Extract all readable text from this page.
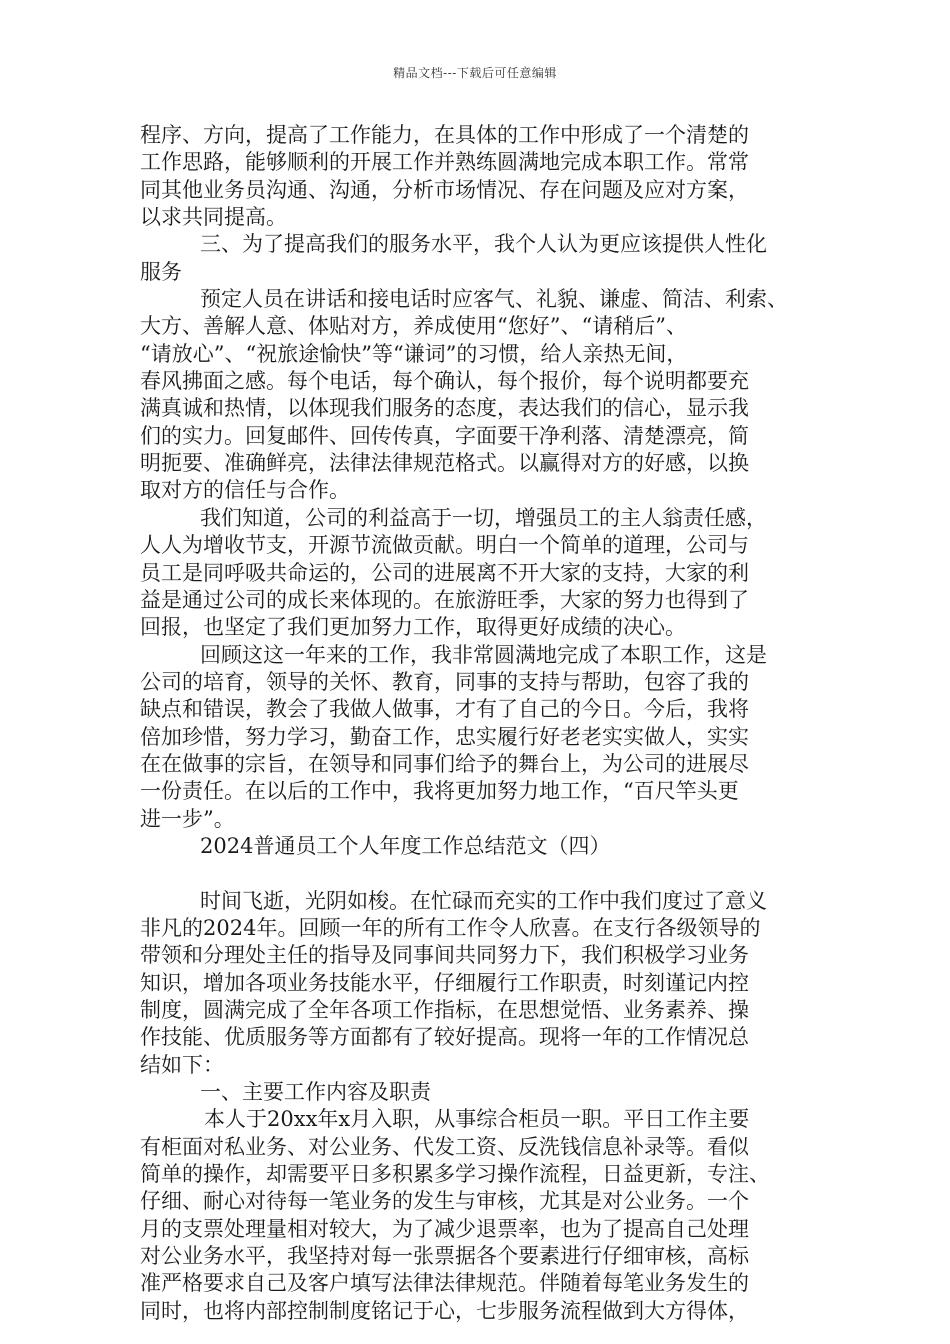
精品文档---下载后可任意编辑
程序、方向，提高了工作能力，在具体的工作中形成了一个清楚的
工作思路，能够顺利的开展工作并熟练圆满地完成本职工作。常常
同其他业务员沟通、沟通，分析市场情况、存在问题及应对方案，
以求共同提高。
三、为了提高我们的服务水平，我个人认为更应该提供人性化
服务
预定人员在讲话和接电话时应客气、礼貌、谦虚、简洁、利索、
大方、善解人意、体贴对方，养成使用“您好”、“请稍后”、
“请放心”、“祝旅途愉快”等“谦词”的习惯，给人亲热无间，
春风拂面之感。每个电话，每个确认，每个报价，每个说明都要充
满真诚和热情，以体现我们服务的态度，表达我们的信心，显示我
们的实力。回复邮件、回传传真，字面要干净利落、清楚漂亮，简
明扼要、准确鲜亮，法律法律规范格式。以赢得对方的好感，以换
取对方的信任与合作。
我们知道，公司的利益高于一切，增强员工的主人翁责任感，
人人为增收节支，开源节流做贡献。明白一个简单的道理，公司与
员工是同呼吸共命运的，公司的进展离不开大家的支持，大家的利
益是通过公司的成长来体现的。在旅游旺季，大家的努力也得到了
回报，也坚定了我们更加努力工作，取得更好成绩的决心。
回顾这这一年来的工作，我非常圆满地完成了本职工作，这是
公司的培育，领导的关怀、教育，同事的支持与帮助，包容了我的
缺点和错误，教会了我做人做事，才有了自己的今日。今后，我将
倍加珍惜，努力学习，勤奋工作，忠实履行好老老实实做人，实实
在在做事的宗旨，在领导和同事们给予的舞台上，为公司的进展尽
一份责任。在以后的工作中，我将更加努力地工作，“百尺竿头更
进一步”。
2024普通员工个人年度工作总结范文（四）
时间飞逝，光阴如梭。在忙碌而充实的工作中我们度过了意义
非凡的2024年。回顾一年的所有工作令人欣喜。在支行各级领导的
带领和分理处主任的指导及同事间共同努力下，我们积极学习业务
知识，增加各项业务技能水平，仔细履行工作职责，时刻谨记内控
制度，圆满完成了全年各项工作指标，在思想觉悟、业务素养、操
作技能、优质服务等方面都有了较好提高。现将一年的工作情况总
结如下：
一、主要工作内容及职责
本人于20xx年x月入职，从事综合柜员一职。平日工作主要
有柜面对私业务、对公业务、代发工资、反洗钱信息补录等。看似
简单的操作，却需要平日多积累多学习操作流程，日益更新，专注、
仔细、耐心对待每一笔业务的发生与审核，尤其是对公业务。一个
月的支票处理量相对较大，为了减少退票率，也为了提高自己处理
对公业务水平，我坚持对每一张票据各个要素进行仔细审核，高标
准严格要求自己及客户填写法律法律规范。伴随着每笔业务发生的
同时，也将内部控制制度铭记于心，七步服务流程做到大方得体，
